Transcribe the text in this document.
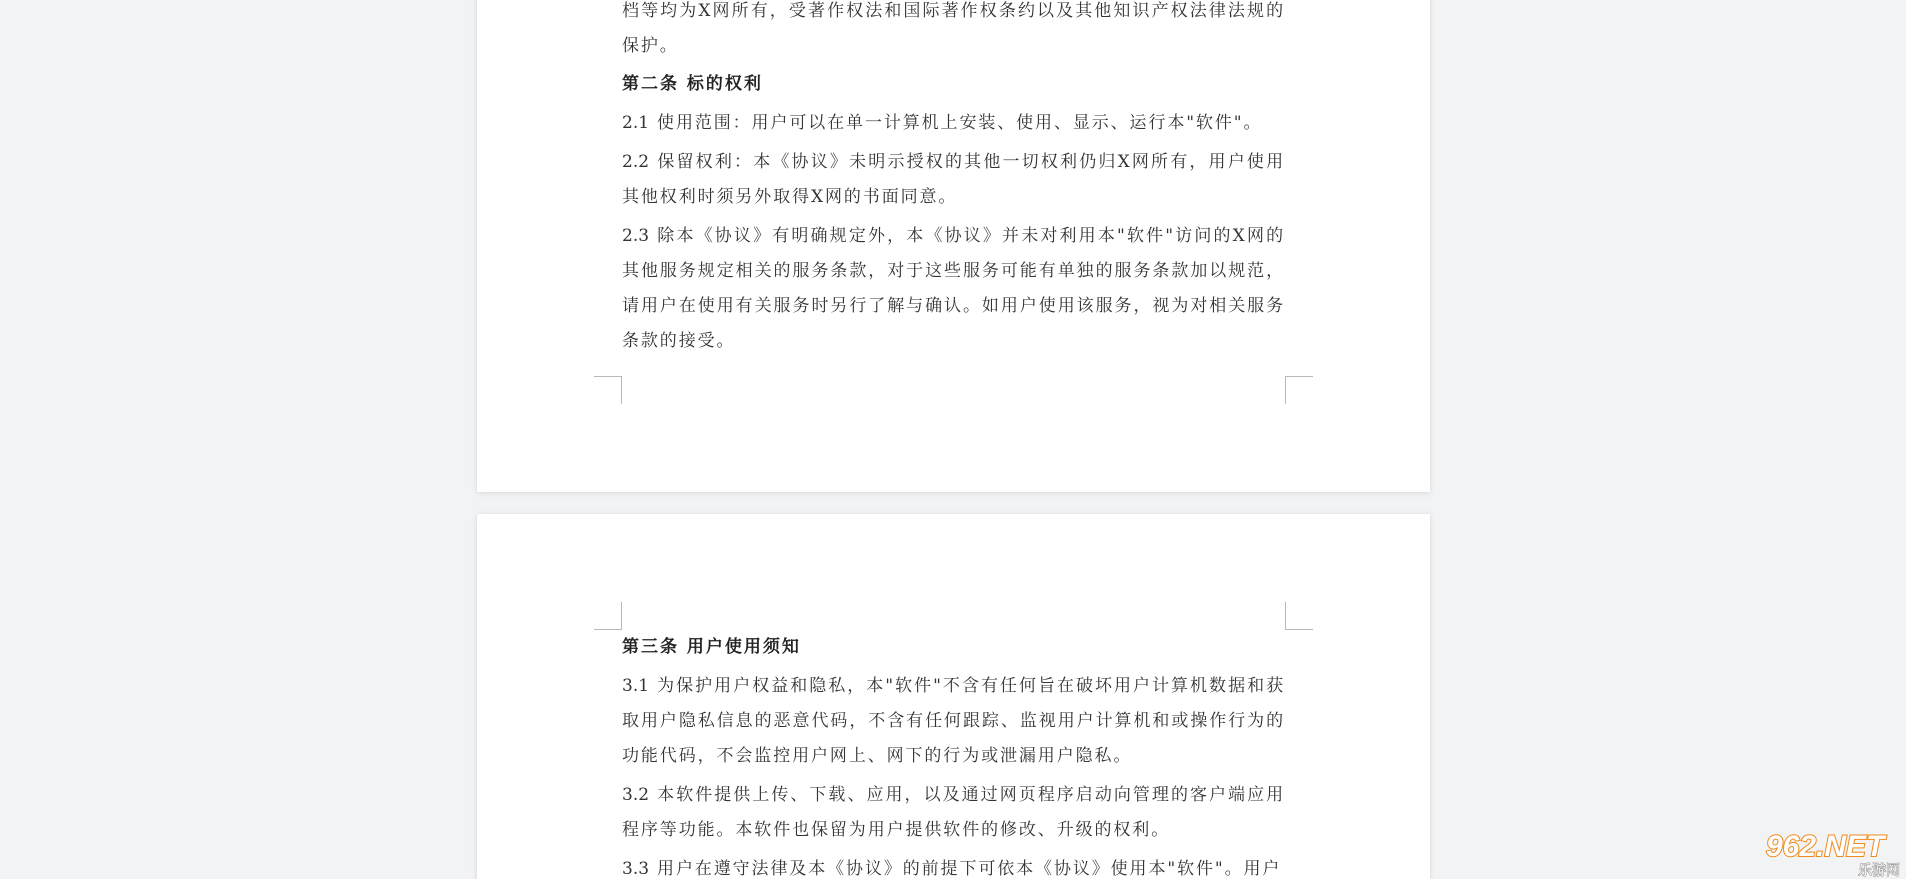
档等均为X网所有，受著作权法和国际著作权条约以及其他知识产权法律法规的保护。

第二条 标的权利

2.1 使用范围：用户可以在单一计算机上安装、使用、显示、运行本"软件"。

2.2 保留权利：本《协议》未明示授权的其他一切权利仍归X网所有，用户使用其他权利时须另外取得X网的书面同意。

2.3 除本《协议》有明确规定外，本《协议》并未对利用本"软件"访问的X网的其他服务规定相关的服务条款，对于这些服务可能有单独的服务条款加以规范，请用户在使用有关服务时另行了解与确认。如用户使用该服务，视为对相关服务条款的接受。

第三条 用户使用须知

3.1 为保护用户权益和隐私，本"软件"不含有任何旨在破坏用户计算机数据和获取用户隐私信息的恶意代码，不含有任何跟踪、监视用户计算机和或操作行为的功能代码，不会监控用户网上、网下的行为或泄漏用户隐私。

3.2 本软件提供上传、下载、应用，以及通过网页程序启动向管理的客户端应用程序等功能。本软件也保留为用户提供软件的修改、升级的权利。

3.3 用户在遵守法律及本《协议》的前提下可依本《协议》使用本"软件"。用户

962.NET
乐游网
